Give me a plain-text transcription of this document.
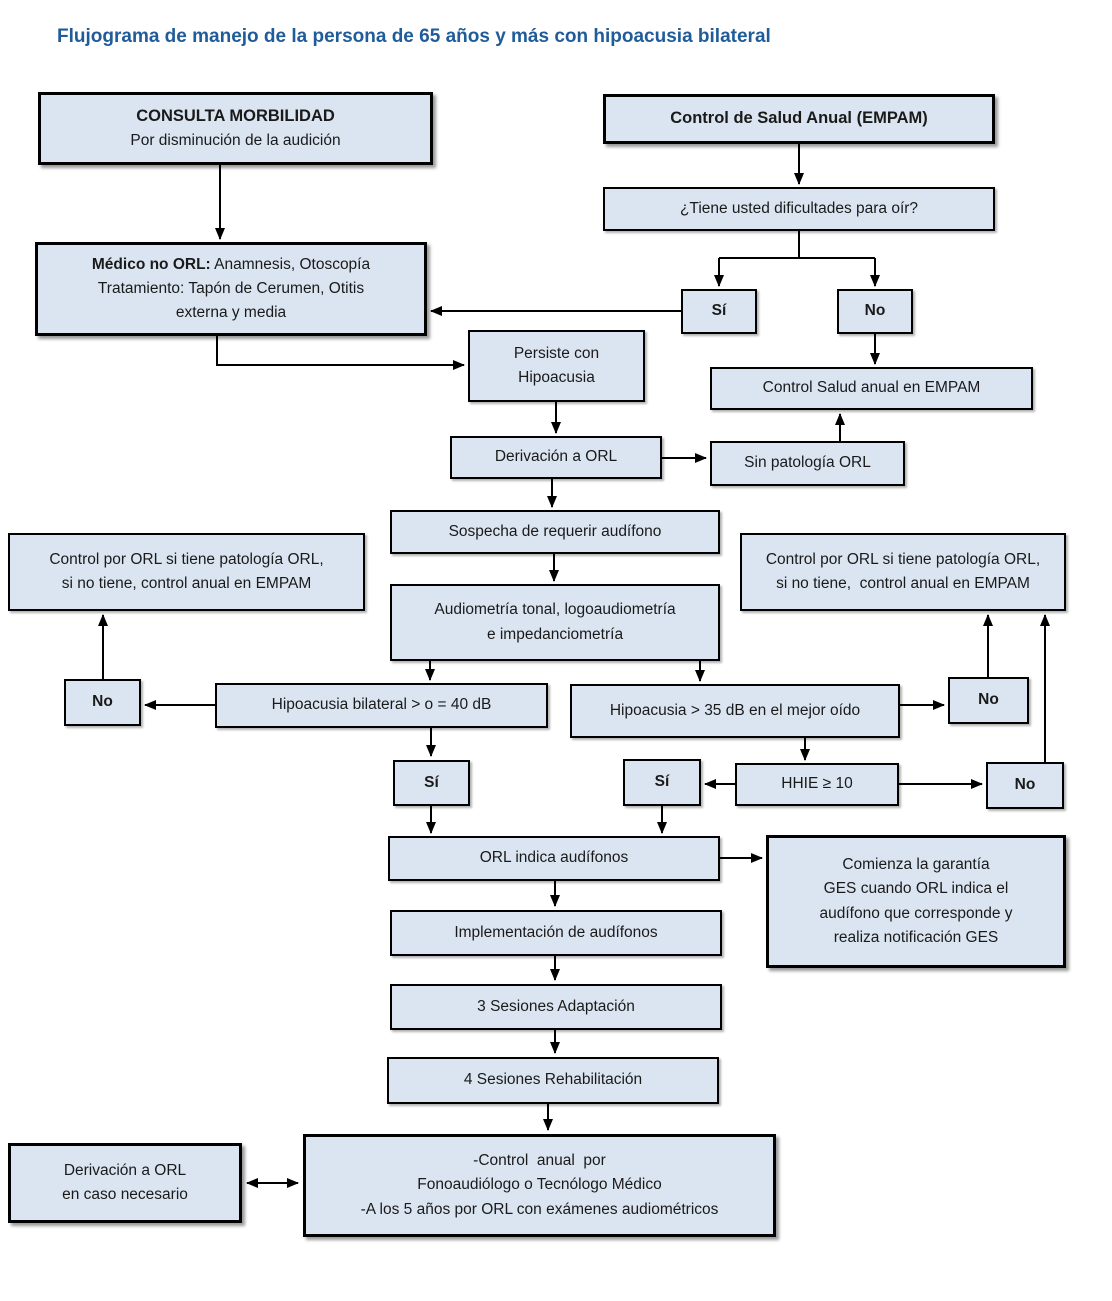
Flujograma de manejo de la persona de 65 años y más con hipoacusia bilateral
CONSULTA MORBILIDAD
Por disminución de la audición
Control de Salud Anual (EMPAM)
¿Tiene usted dificultades para oír?
Sí	No
Control Salud anual en EMPAM
Médico no ORL: Anamnesis, Otoscopía
Tratamiento: Tapón de Cerumen, Otitis
externa y media
Persiste con
Hipoacusia
Derivación a ORL	Sin patología ORL
Sospecha de requerir audífono
Control por ORL si tiene patología ORL,
si no tiene, control anual en EMPAM
Control por ORL si tiene patología ORL,
si no tiene,  control anual en EMPAM
Audiometría tonal, logoaudiometría
e impedanciometría
Hipoacusia bilateral > o = 40 dB	Hipoacusia > 35 dB en el mejor oído
No
Sí	Sí	HHIE ≥ 10
No
No
ORL indica audífonos	Comienza la garantía
GES cuando ORL indica el
audífono que corresponde y
realiza notificación GES
Implementación de audífonos
3 Sesiones Adaptación
4 Sesiones Rehabilitación
Derivación a ORL
en caso necesario
-Control  anual  por
Fonoaudiólogo o Tecnólogo Médico
-A los 5 años por ORL con exámenes audiométricos
